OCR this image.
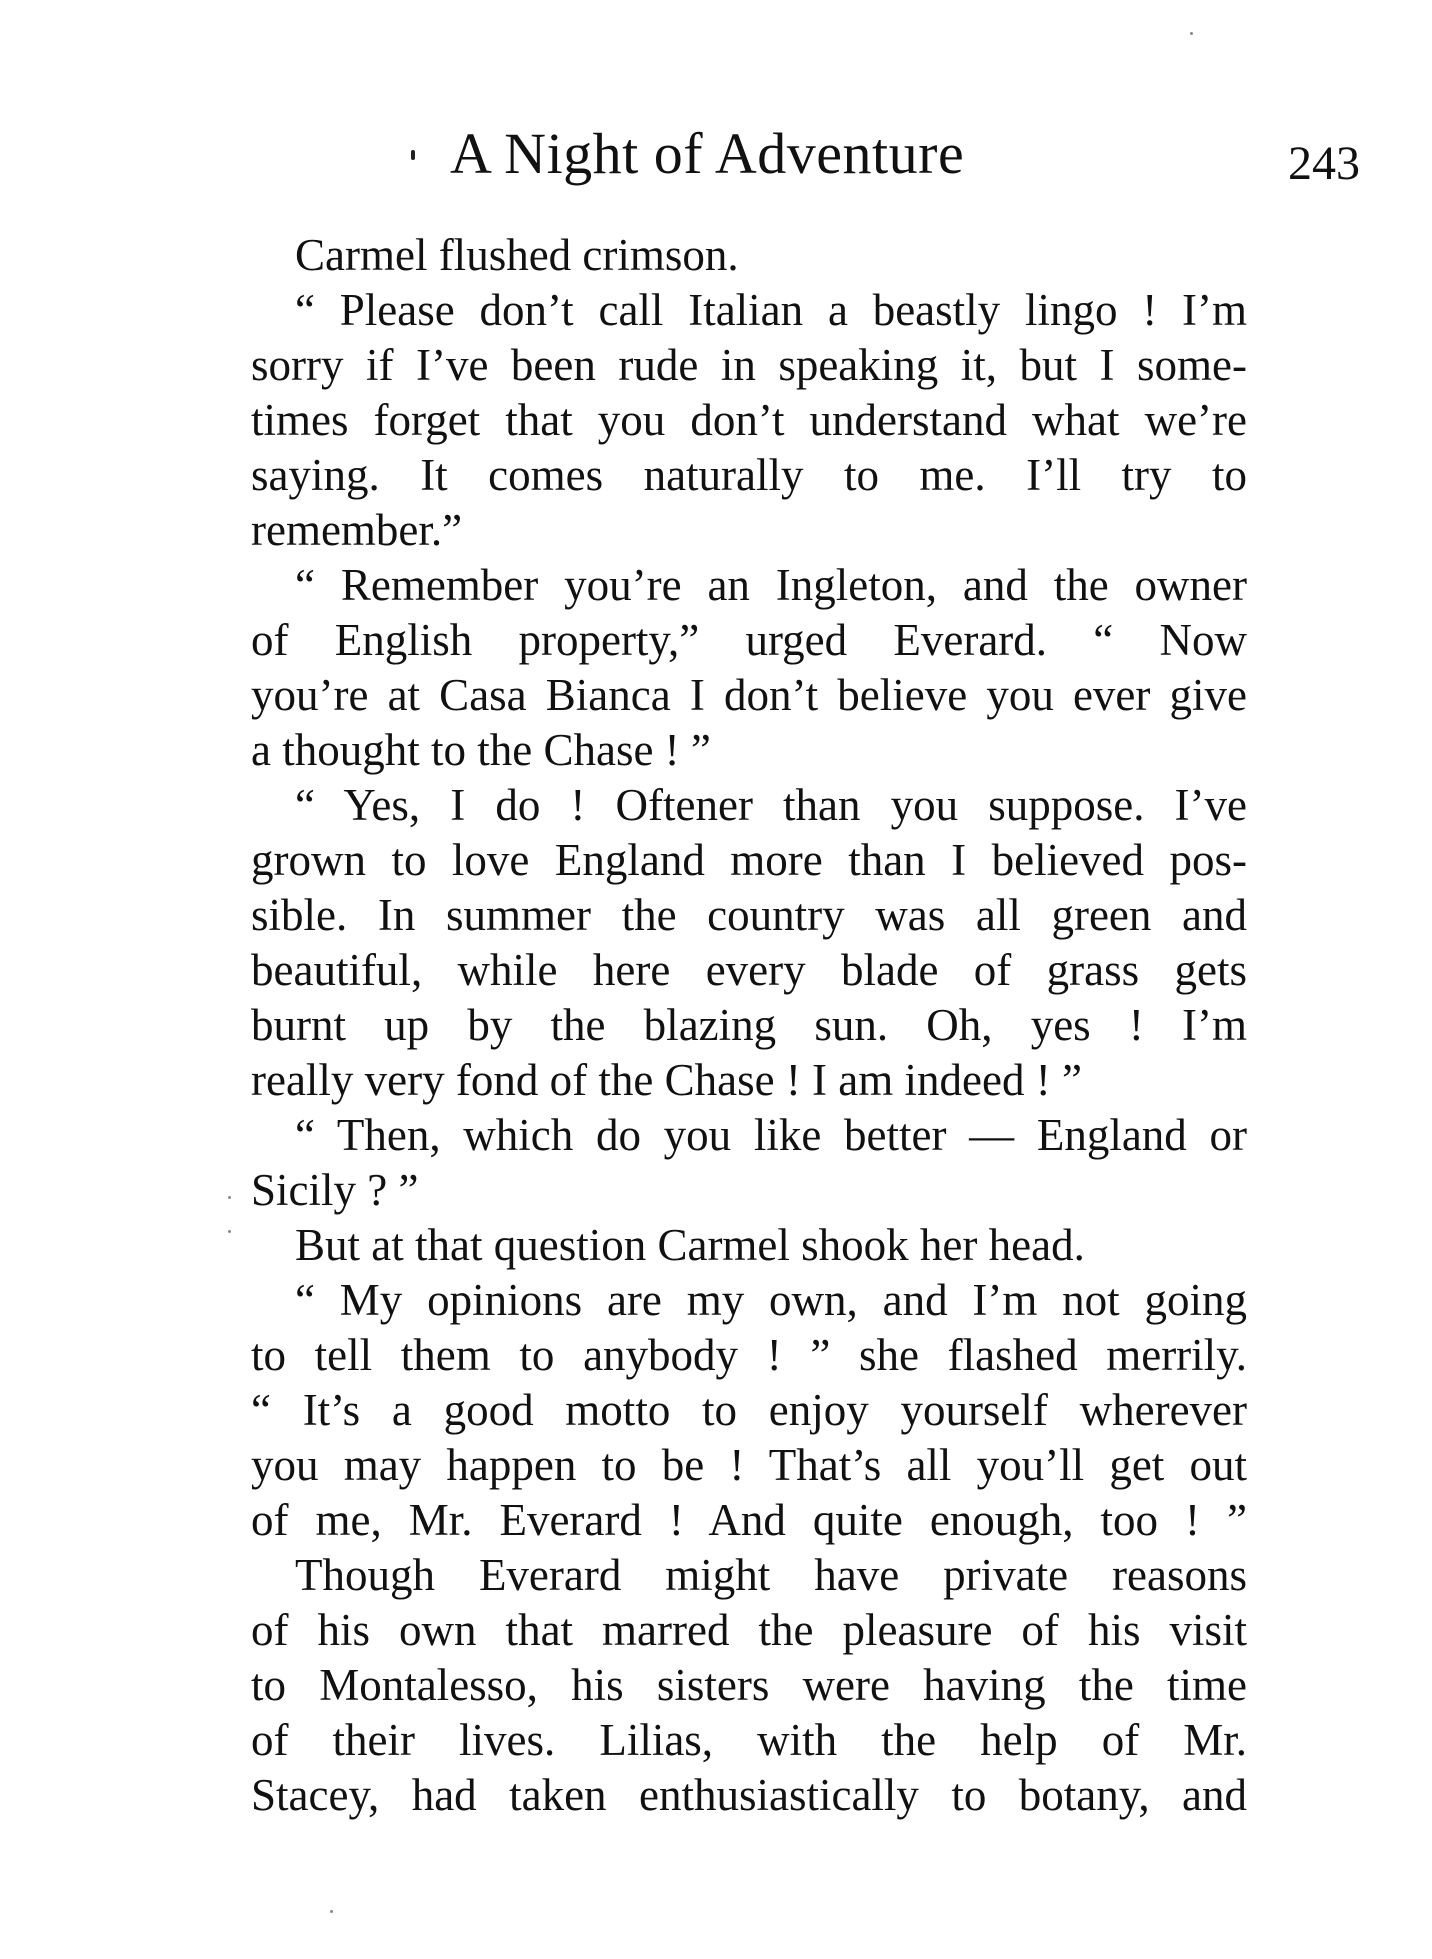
A Night of Adventure	243
Carmel flushed crimson.
“ Please don’t call Italian a beastly lingo ! I’m
sorry if I’ve been rude in speaking it, but I some-
times forget that you don’t understand what we’re
saying. It comes naturally to me. I’ll try to
remember.”
“ Remember you’re an Ingleton, and the owner
of English property,” urged Everard. “ Now
you’re at Casa Bianca I don’t believe you ever give
a thought to the Chase ! ”
“ Yes, I do ! Oftener than you suppose. I’ve
grown to love England more than I believed pos-
sible. In summer the country was all green and
beautiful, while here every blade of grass gets
burnt up by the blazing sun. Oh, yes ! I’m
really very fond of the Chase ! I am indeed ! ”
“ Then, which do you like better — England or
Sicily ? ”
But at that question Carmel shook her head.
“ My opinions are my own, and I’m not going
to tell them to anybody ! ” she flashed merrily.
“ It’s a good motto to enjoy yourself wherever
you may happen to be ! That’s all you’ll get out
of me, Mr. Everard ! And quite enough, too ! ”
Though Everard might have private reasons
of his own that marred the pleasure of his visit
to Montalesso, his sisters were having the time
of their lives. Lilias, with the help of Mr.
Stacey, had taken enthusiastically to botany, and
